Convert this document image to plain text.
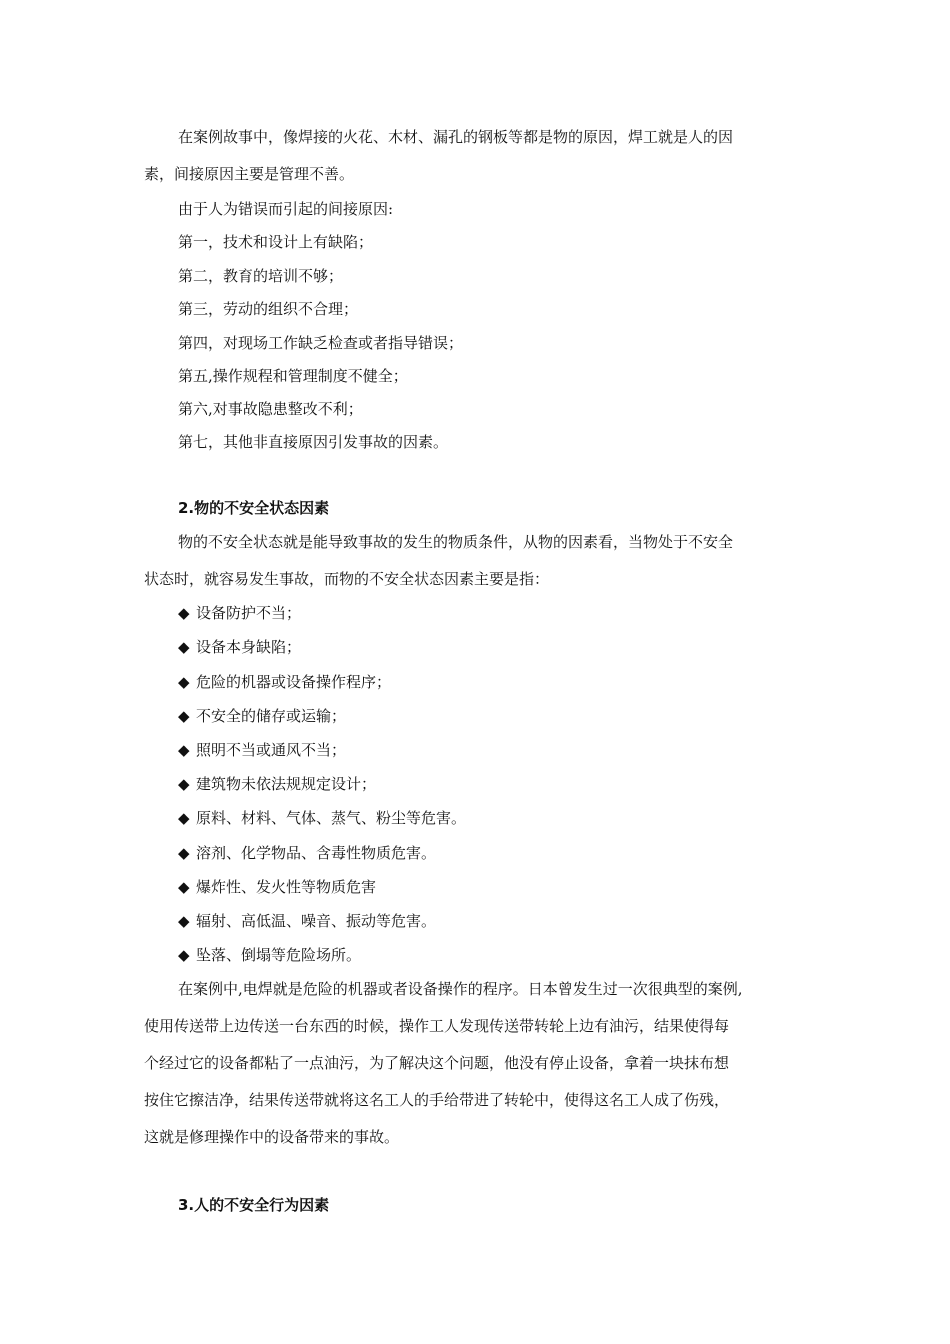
在案例故事中，像焊接的火花、木材、漏孔的钢板等都是物的原因，焊工就是人的因
素，间接原因主要是管理不善。
由于人为错误而引起的间接原因:
第一，技术和设计上有缺陷；
第二，教育的培训不够；
第三，劳动的组织不合理；
第四，对现场工作缺乏检查或者指导错误；
第五,操作规程和管理制度不健全；
第六,对事故隐患整改不利；
第七，其他非直接原因引发事故的因素。
2.物的不安全状态因素
物的不安全状态就是能导致事故的发生的物质条件，从物的因素看，当物处于不安全
状态时，就容易发生事故，而物的不安全状态因素主要是指：
◆ 设备防护不当；
◆ 设备本身缺陷；
◆ 危险的机器或设备操作程序；
◆ 不安全的储存或运输；
◆ 照明不当或通风不当；
◆ 建筑物未依法规规定设计；
◆ 原料、材料、气体、蒸气、粉尘等危害。
◆ 溶剂、化学物品、含毒性物质危害。
◆ 爆炸性、发火性等物质危害
◆ 辐射、高低温、噪音、振动等危害。
◆ 坠落、倒塌等危险场所。
在案例中,电焊就是危险的机器或者设备操作的程序。日本曾发生过一次很典型的案例,
使用传送带上边传送一台东西的时候，操作工人发现传送带转轮上边有油污，结果使得每
个经过它的设备都粘了一点油污，为了解决这个问题，他没有停止设备，拿着一块抹布想
按住它擦洁净，结果传送带就将这名工人的手给带进了转轮中，使得这名工人成了伤残，
这就是修理操作中的设备带来的事故。
3.人的不安全行为因素
